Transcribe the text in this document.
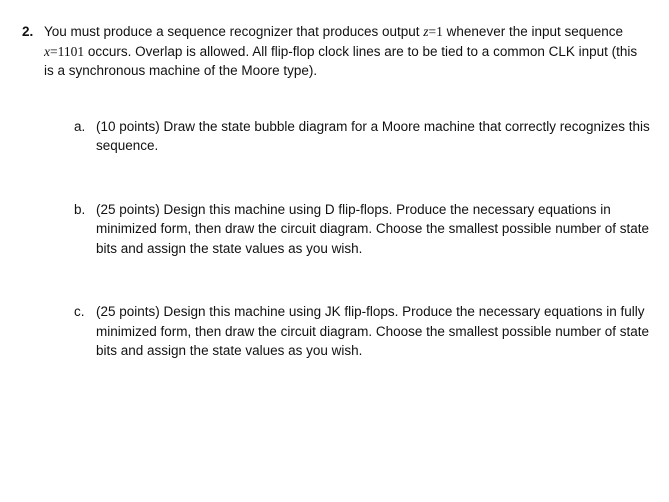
2. You must produce a sequence recognizer that produces output z=1 whenever the input sequence x=1101 occurs. Overlap is allowed. All flip-flop clock lines are to be tied to a common CLK input (this is a synchronous machine of the Moore type).
a. (10 points) Draw the state bubble diagram for a Moore machine that correctly recognizes this sequence.
b. (25 points) Design this machine using D flip-flops. Produce the necessary equations in minimized form, then draw the circuit diagram. Choose the smallest possible number of state bits and assign the state values as you wish.
c. (25 points) Design this machine using JK flip-flops. Produce the necessary equations in fully minimized form, then draw the circuit diagram. Choose the smallest possible number of state bits and assign the state values as you wish.
